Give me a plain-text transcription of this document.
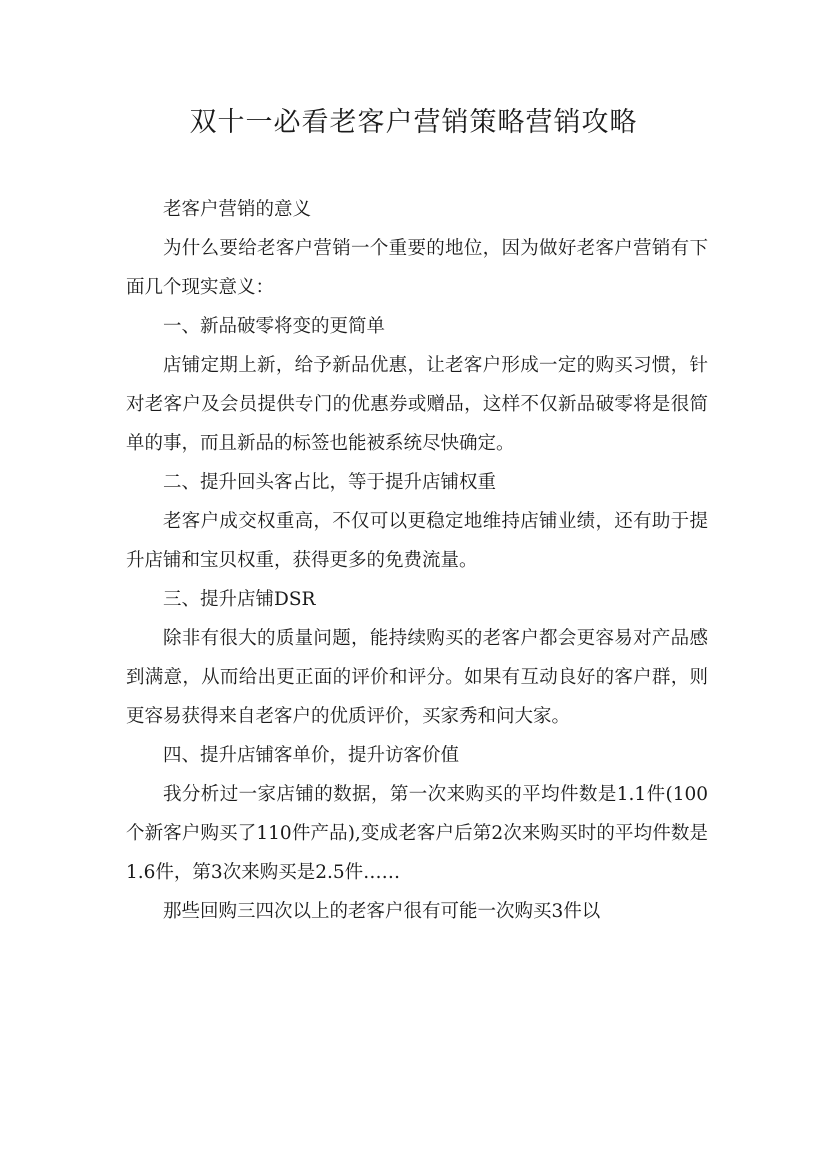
双十一必看老客户营销策略营销攻略

老客户营销的意义

为什么要给老客户营销一个重要的地位，因为做好老客户营销有下面几个现实意义：

一、新品破零将变的更简单

店铺定期上新，给予新品优惠，让老客户形成一定的购买习惯，针对老客户及会员提供专门的优惠券或赠品，这样不仅新品破零将是很简单的事，而且新品的标签也能被系统尽快确定。

二、提升回头客占比，等于提升店铺权重

老客户成交权重高，不仅可以更稳定地维持店铺业绩，还有助于提升店铺和宝贝权重，获得更多的免费流量。

三、提升店铺DSR

除非有很大的质量问题，能持续购买的老客户都会更容易对产品感到满意，从而给出更正面的评价和评分。如果有互动良好的客户群，则更容易获得来自老客户的优质评价，买家秀和问大家。

四、提升店铺客单价，提升访客价值

我分析过一家店铺的数据，第一次来购买的平均件数是1.1件(100个新客户购买了110件产品),变成老客户后第2次来购买时的平均件数是1.6件，第3次来购买是2.5件……

那些回购三四次以上的老客户很有可能一次购买3件以
